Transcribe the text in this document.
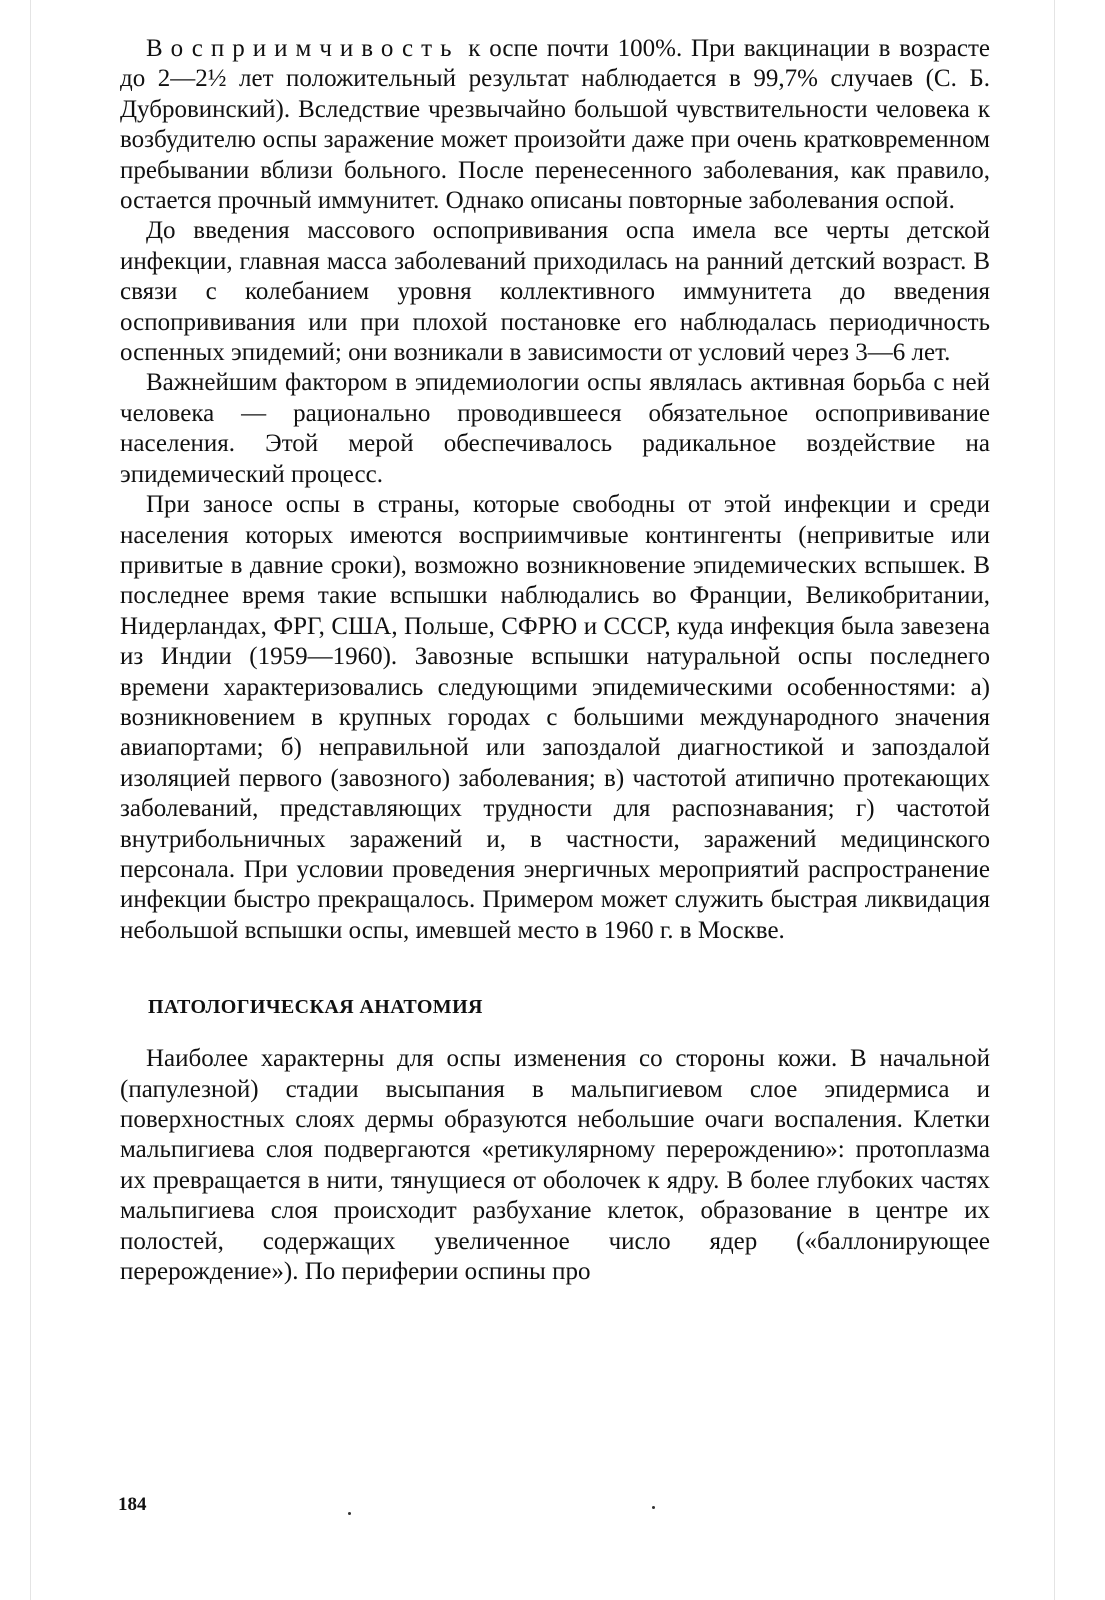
Восприимчивость к оспе почти 100%. При вакцинации в возрасте до 2—2½ лет положительный результат наблюдается в 99,7% случаев (С. Б. Дубровинский). Вследствие чрезвычайно большой чувствительности человека к возбудителю оспы заражение может произойти даже при очень кратковременном пребывании вблизи больного. После перенесенного заболевания, как правило, остается прочный иммунитет. Однако описаны повторные заболевания оспой.

До введения массового оспопрививания оспа имела все черты детской инфекции, главная масса заболеваний приходилась на ранний детский возраст. В связи с колебанием уровня коллективного иммунитета до введения оспопрививания или при плохой постановке его наблюдалась периодичность оспенных эпидемий; они возникали в зависимости от условий через 3—6 лет.

Важнейшим фактором в эпидемиологии оспы являлась активная борьба с ней человека — рационально проводившееся обязательное оспопрививание населения. Этой мерой обеспечивалось радикальное воздействие на эпидемический процесс.

При заносе оспы в страны, которые свободны от этой инфекции и среди населения которых имеются восприимчивые контингенты (непривитые или привитые в давние сроки), возможно возникновение эпидемических вспышек. В последнее время такие вспышки наблюдались во Франции, Великобритании, Нидерландах, ФРГ, США, Польше, СФРЮ и СССР, куда инфекция была завезена из Индии (1959—1960). Завозные вспышки натуральной оспы последнего времени характеризовались следующими эпидемическими особенностями: а) возникновением в крупных городах с большими международного значения авиапортами; б) неправильной или запоздалой диагностикой и запоздалой изоляцией первого (завозного) заболевания; в) частотой атипично протекающих заболеваний, представляющих трудности для распознавания; г) частотой внутрибольничных заражений и, в частности, заражений медицинского персонала. При условии проведения энергичных мероприятий распространение инфекции быстро прекращалось. Примером может служить быстрая ликвидация небольшой вспышки оспы, имевшей место в 1960 г. в Москве.

ПАТОЛОГИЧЕСКАЯ АНАТОМИЯ

Наиболее характерны для оспы изменения со стороны кожи. В начальной (папулезной) стадии высыпания в мальпигиевом слое эпидермиса и поверхностных слоях дермы образуются небольшие очаги воспаления. Клетки мальпигиева слоя подвергаются «ретикулярному перерождению»: протоплазма их превращается в нити, тянущиеся от оболочек к ядру. В более глубоких частях мальпигиева слоя происходит разбухание клеток, образование в центре их полостей, содержащих увеличенное число ядер («баллонирующее перерождение»). По периферии оспины про

184
